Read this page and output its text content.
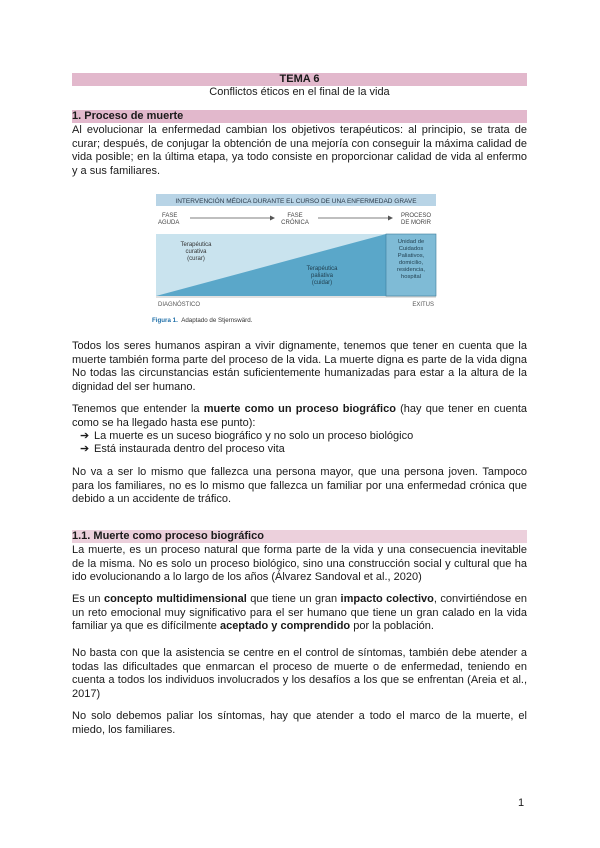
TEMA 6
Conflictos éticos en el final de la vida
1. Proceso de muerte

Al evolucionar la enfermedad cambian los objetivos terapéuticos: al principio, se trata de curar; después, de conjugar la obtención de una mejoría con conseguir la máxima calidad de vida posible; en la última etapa, ya todo consiste en proporcionar calidad de vida al enfermo y a sus familiares.

INTERVENCIÓN MÉDICA DURANTE EL CURSO DE UNA ENFERMEDAD GRAVE
FASE
AGUDA
FASE
CRÓNICA
PROCESO
DE MORIR
Terapéutica
curativa
(curar)
Terapéutica
paliativa
(cuidar)
Unidad de
Cuidados
Paliativos,
domicilio,
residencia,
hospital
DIAGNÓSTICO	EXITUS
Figura 1. Adaptado de Stjernswärd.

Todos los seres humanos aspiran a vivir dignamente, tenemos que tener en cuenta que la muerte también forma parte del proceso de la vida. La muerte digna es parte de la vida digna No todas las circunstancias están suficientemente humanizadas para estar a la altura de la dignidad del ser humano.

Tenemos que entender la muerte como un proceso biográfico (hay que tener en cuenta como se ha llegado hasta ese punto):

➔ La muerte es un suceso biográfico y no solo un proceso biológico
➔ Está instaurada dentro del proceso vita

No va a ser lo mismo que fallezca una persona mayor, que una persona joven. Tampoco para los familiares, no es lo mismo que fallezca un familiar por una enfermedad crónica que debido a un accidente de tráfico.

1.1. Muerte como proceso biográfico

La muerte, es un proceso natural que forma parte de la vida y una consecuencia inevitable de la misma. No es solo un proceso biológico, sino una construcción social y cultural que ha ido evolucionando a lo largo de los años (Álvarez Sandoval et al., 2020)

Es un concepto multidimensional que tiene un gran impacto colectivo, convirtiéndose en un reto emocional muy significativo para el ser humano que tiene un gran calado en la vida familiar ya que es difícilmente aceptado y comprendido por la población.

No basta con que la asistencia se centre en el control de síntomas, también debe atender a todas las dificultades que enmarcan el proceso de muerte o de enfermedad, teniendo en cuenta a todos los individuos involucrados y los desafíos a los que se enfrentan (Areia et al., 2017)

No solo debemos paliar los síntomas, hay que atender a todo el marco de la muerte, el miedo, los familiares.

1
